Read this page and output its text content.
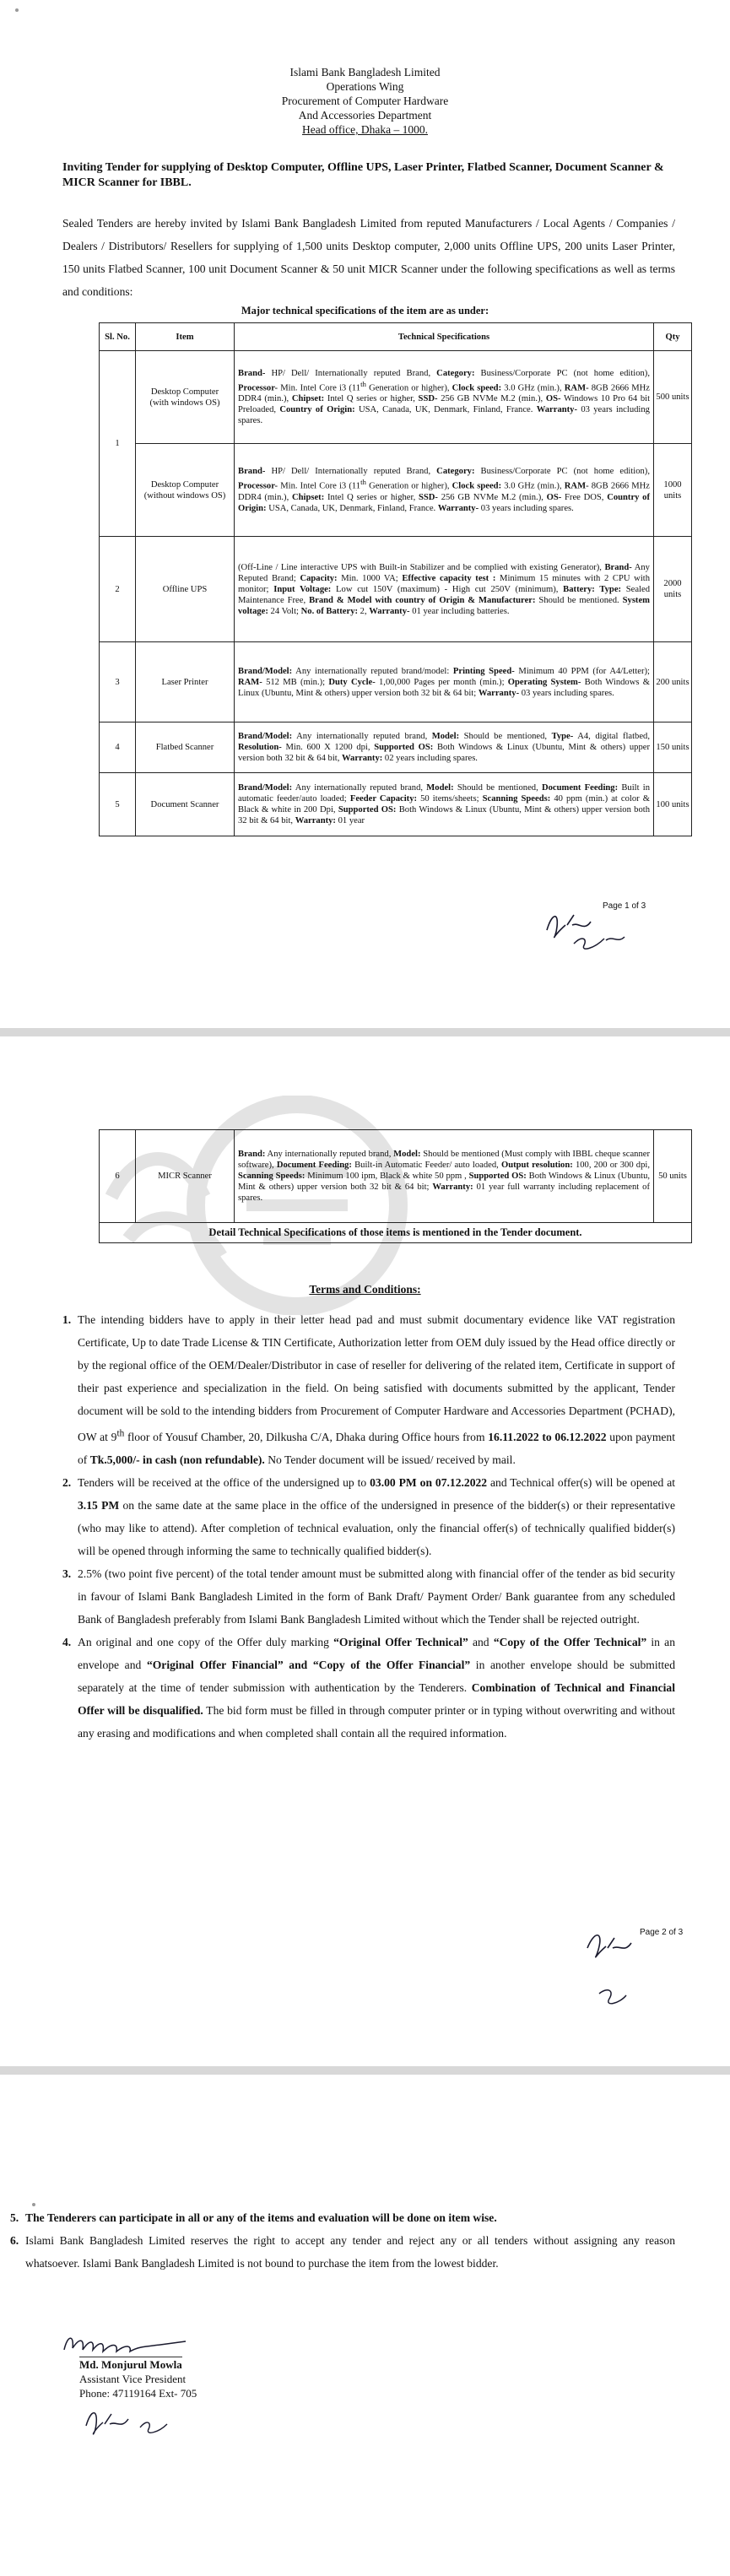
Islami Bank Bangladesh Limited
Operations Wing
Procurement of Computer Hardware
And Accessories Department
Head office, Dhaka – 1000.
Inviting Tender for supplying of Desktop Computer, Offline UPS, Laser Printer, Flatbed Scanner, Document Scanner & MICR Scanner for IBBL.
Sealed Tenders are hereby invited by Islami Bank Bangladesh Limited from reputed Manufacturers / Local Agents / Companies / Dealers / Distributors/ Resellers for supplying of 1,500 units Desktop computer, 2,000 units Offline UPS, 200 units Laser Printer, 150 units Flatbed Scanner, 100 unit Document Scanner & 50 unit MICR Scanner under the following specifications as well as terms and conditions:
Major technical specifications of the item are as under:
Sl. No.	Item	Technical Specifications	Qty
1	Desktop Computer (with windows OS)	Brand- HP/ Dell/ Internationally reputed Brand, Category: Business/Corporate PC (not home edition), Processor- Min. Intel Core i3 (11th Generation or higher), Clock speed: 3.0 GHz (min.), RAM- 8GB 2666 MHz DDR4 (min.), Chipset: Intel Q series or higher, SSD- 256 GB NVMe M.2 (min.), OS- Windows 10 Pro 64 bit Preloaded, Country of Origin: USA, Canada, UK, Denmark, Finland, France. Warranty- 03 years including spares.	500 units
	Desktop Computer (without windows OS)	Brand- HP/ Dell/ Internationally reputed Brand, Category: Business/Corporate PC (not home edition), Processor- Min. Intel Core i3 (11th Generation or higher), Clock speed: 3.0 GHz (min.), RAM- 8GB 2666 MHz DDR4 (min.), Chipset: Intel Q series or higher, SSD- 256 GB NVMe M.2 (min.), OS- Free DOS, Country of Origin: USA, Canada, UK, Denmark, Finland, France. Warranty- 03 years including spares.	1000 units
2	Offline UPS	(Off-Line / Line interactive UPS with Built-in Stabilizer and be complied with existing Generator), Brand- Any Reputed Brand; Capacity: Min. 1000 VA; Effective capacity test : Minimum 15 minutes with 2 CPU with monitor; Input Voltage: Low cut 150V (maximum) - High cut 250V (minimum), Battery: Type: Sealed Maintenance Free, Brand & Model with country of Origin & Manufacturer: Should be mentioned. System voltage: 24 Volt; No. of Battery: 2, Warranty- 01 year including batteries.	2000 units
3	Laser Printer	Brand/Model: Any internationally reputed brand/model: Printing Speed- Minimum 40 PPM (for A4/Letter); RAM- 512 MB (min.); Duty Cycle- 1,00,000 Pages per month (min.); Operating System- Both Windows & Linux (Ubuntu, Mint & others) upper version both 32 bit & 64 bit; Warranty- 03 years including spares.	200 units
4	Flatbed Scanner	Brand/Model: Any internationally reputed brand, Model: Should be mentioned, Type- A4, digital flatbed, Resolution- Min. 600 X 1200 dpi, Supported OS: Both Windows & Linux (Ubuntu, Mint & others) upper version both 32 bit & 64 bit, Warranty: 02 years including spares.	150 units
5	Document Scanner	Brand/Model: Any internationally reputed brand, Model: Should be mentioned, Document Feeding: Built in automatic feeder/auto loaded; Feeder Capacity: 50 items/sheets; Scanning Speeds: 40 ppm (min.) at color & Black & white in 200 Dpi, Supported OS: Both Windows & Linux (Ubuntu, Mint & others) upper version both 32 bit & 64 bit, Warranty: 01 year	100 units
Page 1 of 3
6	MICR Scanner	Brand: Any internationally reputed brand, Model: Should be mentioned (Must comply with IBBL cheque scanner software), Document Feeding: Built-in Automatic Feeder/ auto loaded, Output resolution: 100, 200 or 300 dpi, Scanning Speeds: Minimum 100 ipm, Black & white 50 ppm , Supported OS: Both Windows & Linux (Ubuntu, Mint & others) upper version both 32 bit & 64 bit; Warranty: 01 year full warranty including replacement of spares.	50 units
Detail Technical Specifications of those items is mentioned in the Tender document.
Terms and Conditions:
1. The intending bidders have to apply in their letter head pad and must submit documentary evidence like VAT registration Certificate, Up to date Trade License & TIN Certificate, Authorization letter from OEM duly issued by the Head office directly or by the regional office of the OEM/Dealer/Distributor in case of reseller for delivering of the related item, Certificate in support of their past experience and specialization in the field. On being satisfied with documents submitted by the applicant, Tender document will be sold to the intending bidders from Procurement of Computer Hardware and Accessories Department (PCHAD), OW at 9th floor of Yousuf Chamber, 20, Dilkusha C/A, Dhaka during Office hours from 16.11.2022 to 06.12.2022 upon payment of Tk.5,000/- in cash (non refundable). No Tender document will be issued/ received by mail.
2. Tenders will be received at the office of the undersigned up to 03.00 PM on 07.12.2022 and Technical offer(s) will be opened at 3.15 PM on the same date at the same place in the office of the undersigned in presence of the bidder(s) or their representative (who may like to attend). After completion of technical evaluation, only the financial offer(s) of technically qualified bidder(s) will be opened through informing the same to technically qualified bidder(s).
3. 2.5% (two point five percent) of the total tender amount must be submitted along with financial offer of the tender as bid security in favour of Islami Bank Bangladesh Limited in the form of Bank Draft/ Payment Order/ Bank guarantee from any scheduled Bank of Bangladesh preferably from Islami Bank Bangladesh Limited without which the Tender shall be rejected outright.
4. An original and one copy of the Offer duly marking “Original Offer Technical” and “Copy of the Offer Technical” in an envelope and “Original Offer Financial” and “Copy of the Offer Financial” in another envelope should be submitted separately at the time of tender submission with authentication by the Tenderers. Combination of Technical and Financial Offer will be disqualified. The bid form must be filled in through computer printer or in typing without overwriting and without any erasing and modifications and when completed shall contain all the required information.
Page 2 of 3
5. The Tenderers can participate in all or any of the items and evaluation will be done on item wise.
6. Islami Bank Bangladesh Limited reserves the right to accept any tender and reject any or all tenders without assigning any reason whatsoever. Islami Bank Bangladesh Limited is not bound to purchase the item from the lowest bidder.
Md. Monjurul Mowla
Assistant Vice President
Phone: 47119164 Ext- 705
